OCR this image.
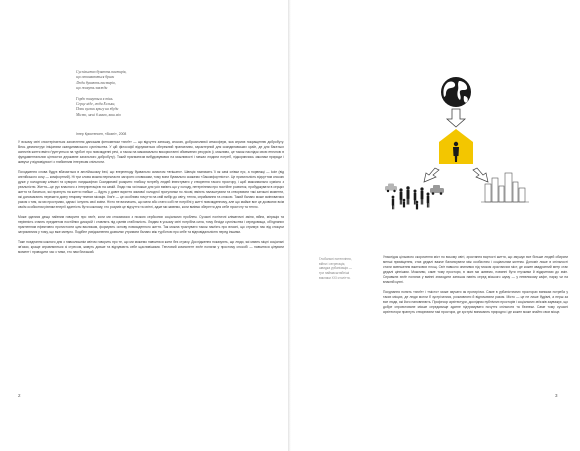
Суспільство бувають пастирів,
що оповиваються брили
Люди бувають пастирів,
що живуть завжди
Гордо тануться в тінь
Серце ніде, люди Eсльки,
Поки вуглик кригу на збуди
Місто, мені б ниню, ваш мiо
Інгер Кристенсен, «Вознi», 2008

У всьому світі спостерігається захоплення данським феноменом «хюґе» — що відчуття затишку, спокою, доброзичливої атмосфери, яка сприяє покращенню добробуту. Весь демонструє ініціативи скандинавського суспільства. У цій філософії відчувається обережний прагматизм, характерний для скандинавських країн, де для багатьох аспектів життя вміти ґрунтується на турботі про повсякденні речі, а також на максимально використанні обмежених ресурсів (і, можливо, це також наслідок свою етичною в фундаментальних цінностях державне загального добробуту). Такий прагматизм вибудовувався на можливості і межах людини потреб, підкоряючись законам природи і живучи у відповідності з глибинним інтересам спільноти.

Походження слова будує вбачається в англійському bed, що втерпеноду буквально смислом «втішати». Швеція назначить її як самі слівки пус, а норвежці — koie (від англійського cosy — комфортний). Ні три слова можна перекласти загороти словиками, тому вони буквально скажемо «Закомфортність». Це прихильність відчуттям спокою дуже у холодному кліматі та суворих ландшафтах Скандинавії розкрити глибоку потребу людей інвестувати у створення такого простору, і щоб максимально сумісно з реальністю. Життя—це рух власного з інтерпретацією на самій. Люди так чи інакше для усіх вміють що у холоду, нетерпінням про постійне розвиток, пробуджувати в серцях життя та багатьох, які прагнуть на життя глибше — йдуть у довге вкриття зимової холодної прогулянки по лісові, вміють налаштувати та створювати такі затишні моменти, які допомагають пережити довгу темряву темних місяців. Хюґе — це особливо почуття на свій вибір до світу, тепла, сприймання та спокою. Такий баланс може змінюватися разом з тим, як ми простримо, однак і існують свої зміни. Ніхто не визначить, що мати або стати собі не потрібні у житті повсякденному, але що майже все це дозволяє всім своїм особистим рівням енергії здатність бути кожному, хто розуміє це відчуття та світлі, адже ми живемо, коли вміємо зберегти для себе простоту та тепло.

Може здатися дещо наївним говорити про хюґе, коли ми стикаємося з низкою серйозних соціальних проблем. Сучасні політичні кліматичні зміни, війни, міграція та нерівність стають предметом постійних дискусій і ставлять під сумнів стабільність. Людям в усьому світі потрібна сила, тому бесіди суспільства і середовища, об'єднаних прагненням ефективно протистояти цим викликам, формують основу повсякденного життя. Так можна трактувати також пам'ять про власні, що стримує нас від спокуси затриматися у тому, що вже минуло. Подібне усвідомлення дозволяє утримати баланс між турботою про себе та відповідальністю перед іншими.

Таке поєднання кожного дня з навколишнім світом говорить про те, що ми можемо навчитися жити без страху. Дослідження показують, що люди, які мають міцні соціальні зв'язки, краще справляються зі стресом, живуть довше та відчувають себе щасливішими. Тепловий компонент хюґе полягає у простому способі — навчитися цінувати момент і проводити час з тими, хто нам близький.

2
Глобальні потепління,
війни і сегрегація,
швидка урбанізація —
три наймасштабніші
виклики XXI століття.

Унаслідок цільового скорочення міст по всьому світі, зростання вартості життя, що змушує все більше людей обирати менші приміщення, стає дедалі важче балансувати між особистим і соціальним життям. Допоміг лише в спільності стали зменшення вжиткових площ. Світ навколо опинився під тиском зростаючих міст, де кожен квадратний метр стає дедалі ціннішим. Можливо, саме тому простори, в яких ми живемо, повинні бути гнучкими й відкритими до змін. Справжнє хюґе полягає у вмінні знаходити затишок навіть серед міського шуму — у невеликому кафе, парку чи на власній кухні.

Поєднання понять «хюґе» і «місто» може звучати як протиріччя. Саме в урбаністичних просторах виникає потреба у таких місцях, де люди могли б зустрічатися, розмовляти й відпочивати разом. Місто — це не лише будівлі, а перш за все люди, які його наповнюють. Професор архітектури, дослідник публічних просторів і соціальних зв'язків зауважує, що добре спроектоване міське середовище здатне підтримувати почуття спільноти та безпеки. Саме тому сучасні архітектори прагнуть створювати такі простори, де зустрічі виникають природно і де кожен може знайти своє місце.

3
